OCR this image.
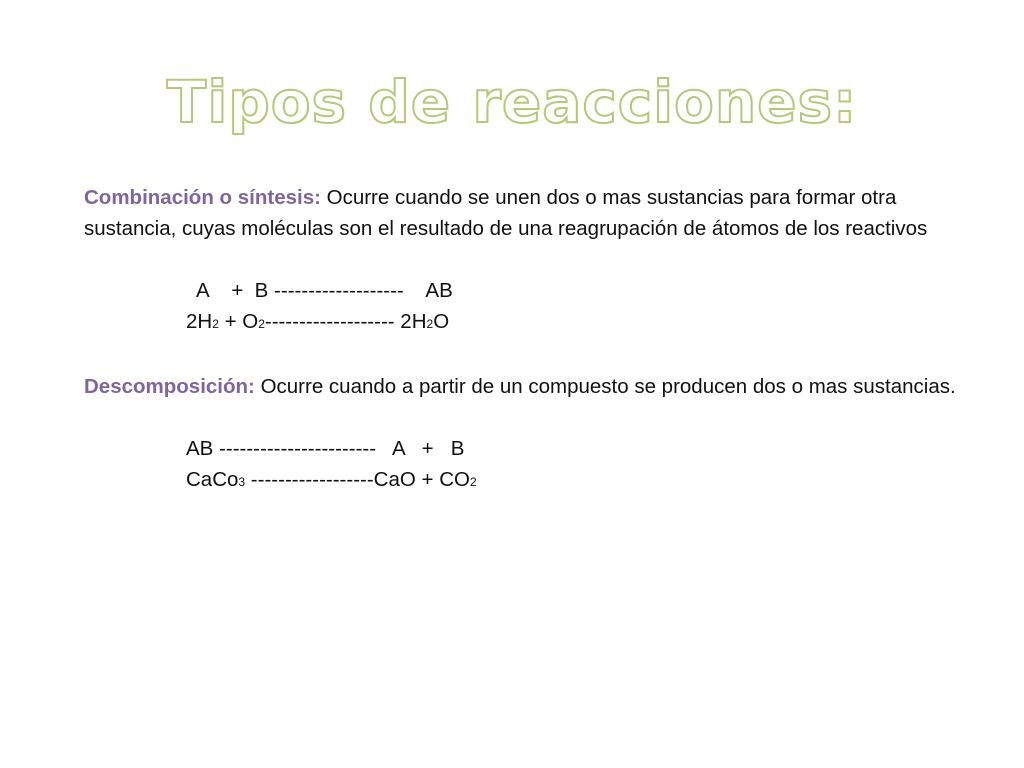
Tipos de reacciones:

Combinación o síntesis: Ocurre cuando se unen dos o mas sustancias para formar otra sustancia, cuyas moléculas son el resultado de una reagrupación de átomos de los reactivos

A    +  B -------------------    AB
2H2 + O2------------------- 2H2O

Descomposición: Ocurre cuando a partir de un compuesto se producen dos o mas sustancias.

AB -----------------------   A   +   B
CaCo3 ------------------CaO + CO2
